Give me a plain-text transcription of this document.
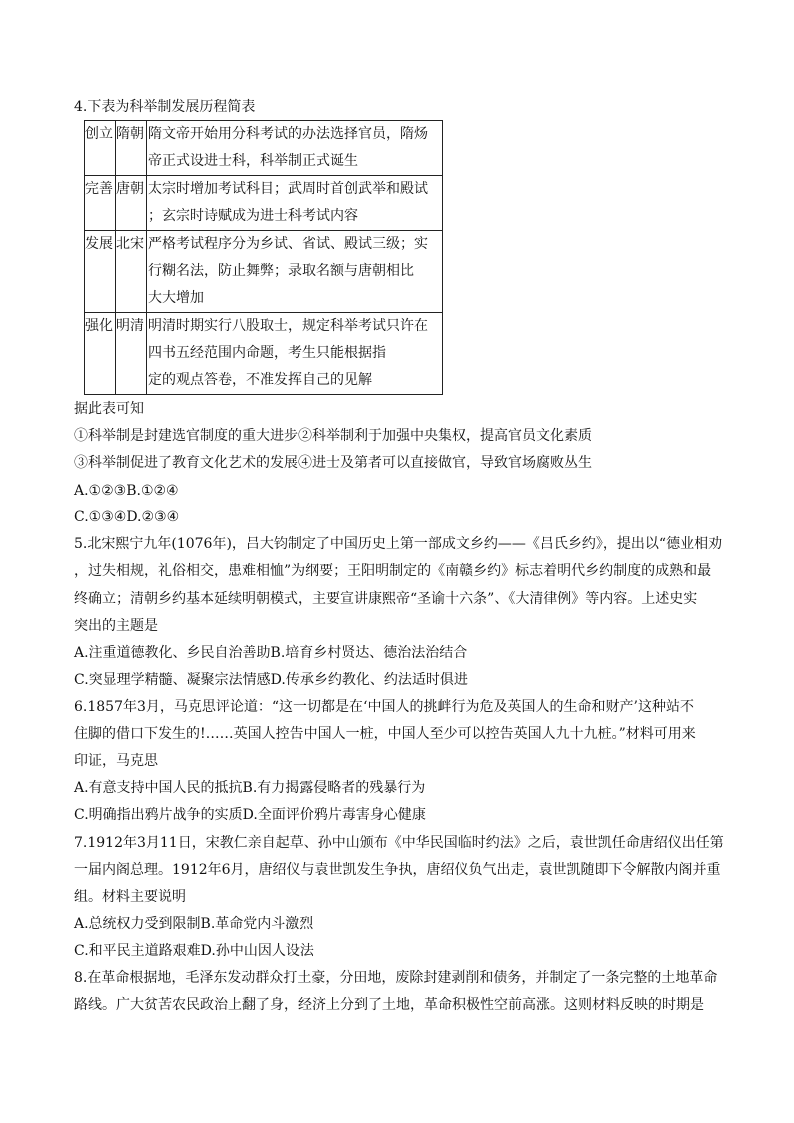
4.下表为科举制发展历程简表
创立	隋朝	隋文帝开始用分科考试的办法选择官员，隋炀
帝正式设进士科，科举制正式诞生

完善	唐朝	太宗时增加考试科目；武周时首创武举和殿试
；玄宗时诗赋成为进士科考试内容

发展	北宋	严格考试程序分为乡试、省试、殿试三级；实
行糊名法，防止舞弊；录取名额与唐朝相比
大大增加

强化	明清	明清时期实行八股取士，规定科举考试只许在
四书五经范围内命题，考生只能根据指
定的观点答卷，不准发挥自己的见解
据此表可知
①科举制是封建选官制度的重大进步②科举制利于加强中央集权，提高官员文化素质
③科举制促进了教育文化艺术的发展④进士及第者可以直接做官，导致官场腐败丛生
A.①②③B.①②④
C.①③④D.②③④
5.北宋熙宁九年(1076年)，吕大钧制定了中国历史上第一部成文乡约——《吕氏乡约》，提出以“德业相劝
，过失相规，礼俗相交，患难相恤”为纲要；王阳明制定的《南赣乡约》标志着明代乡约制度的成熟和最
终确立；清朝乡约基本延续明朝模式，主要宣讲康熙帝“圣谕十六条”、《大清律例》等内容。上述史实
突出的主题是
A.注重道德教化、乡民自治善助B.培育乡村贤达、德治法治结合
C.突显理学精髓、凝聚宗法情感D.传承乡约教化、约法适时俱进
6.1857年3月，马克思评论道：“这一切都是在‘中国人的挑衅行为危及英国人的生命和财产’这种站不
住脚的借口下发生的!……英国人控告中国人一桩，中国人至少可以控告英国人九十九桩。”材料可用来
印证，马克思
A.有意支持中国人民的抵抗B.有力揭露侵略者的残暴行为
C.明确指出鸦片战争的实质D.全面评价鸦片毒害身心健康
7.1912年3月11日，宋教仁亲自起草、孙中山颁布《中华民国临时约法》之后，袁世凯任命唐绍仪出任第
一届内阁总理。1912年6月，唐绍仪与袁世凯发生争执，唐绍仪负气出走，袁世凯随即下令解散内阁并重
组。材料主要说明
A.总统权力受到限制B.革命党内斗激烈
C.和平民主道路艰难D.孙中山因人设法
8.在革命根据地，毛泽东发动群众打土豪，分田地，废除封建剥削和债务，并制定了一条完整的土地革命
路线。广大贫苦农民政治上翻了身，经济上分到了土地，革命积极性空前高涨。这则材料反映的时期是
